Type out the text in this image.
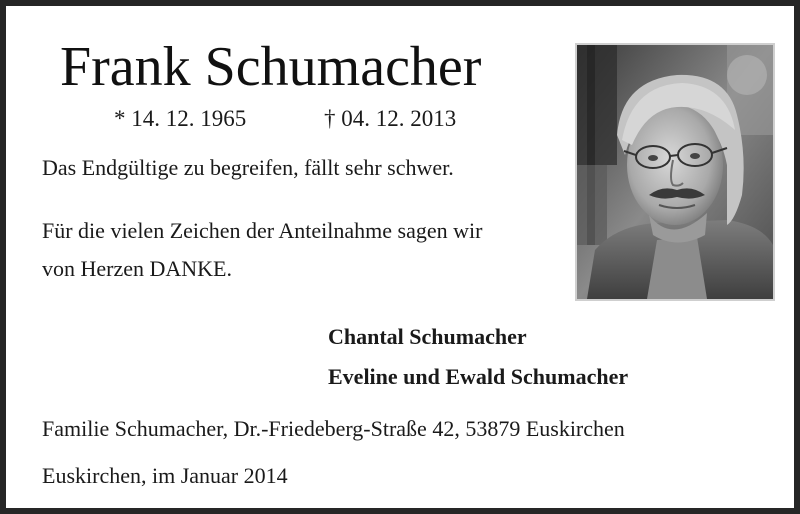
Frank Schumacher
* 14. 12. 1965	† 04. 12. 2013
Das Endgültige zu begreifen, fällt sehr schwer.
Für die vielen Zeichen der Anteilnahme sagen wir
von Herzen DANKE.
Chantal Schumacher
Eveline und Ewald Schumacher
Familie Schumacher, Dr.-Friedeberg-Straße 42, 53879 Euskirchen
Euskirchen, im Januar 2014
